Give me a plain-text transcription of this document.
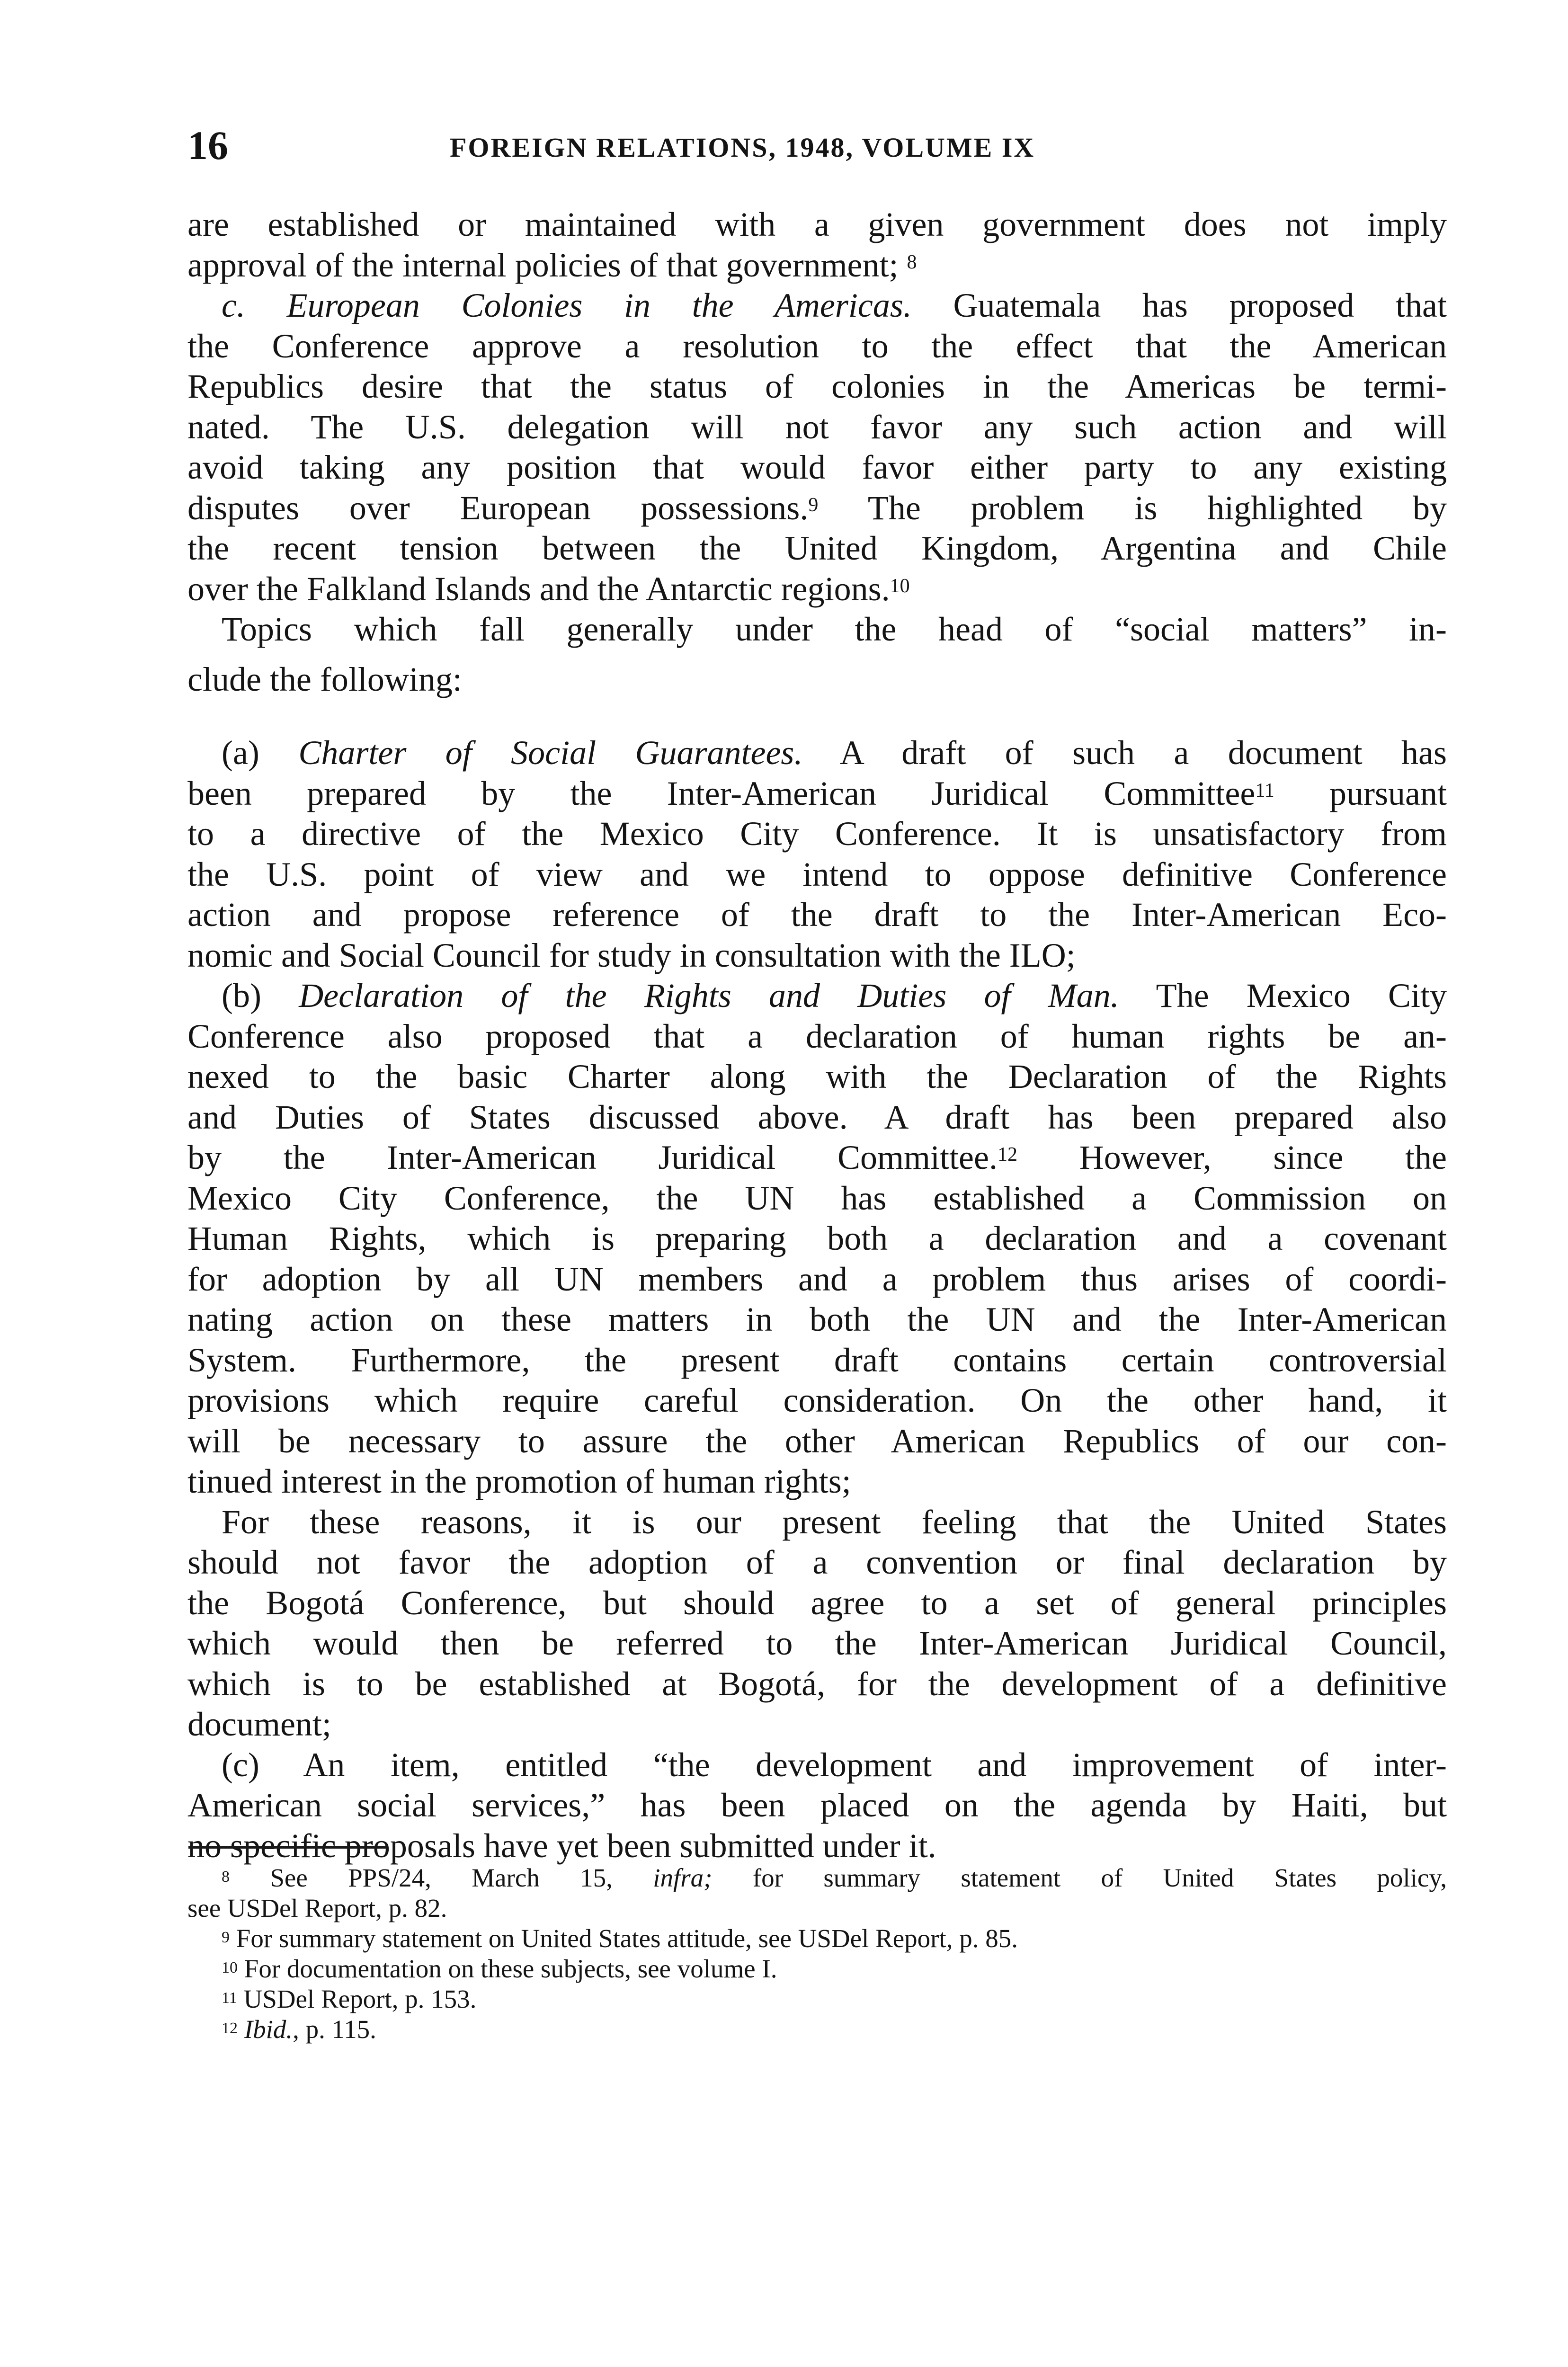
16	FOREIGN RELATIONS, 1948, VOLUME IX
are established or maintained with a given government does not imply
approval of the internal policies of that government; $^8$
c. European Colonies in the Americas. Guatemala has proposed that
the Conference approve a resolution to the effect that the American
Republics desire that the status of colonies in the Americas be termi-
nated. The U.S. delegation will not favor any such action and will
avoid taking any position that would favor either party to any existing
disputes over European possessions.$^9$ The problem is highlighted by
the recent tension between the United Kingdom, Argentina and Chile
over the Falkland Islands and the Antarctic regions.$^{10}$
Topics which fall generally under the head of “social matters” in-
clude the following:
(a) Charter of Social Guarantees. A draft of such a document has
been prepared by the Inter-American Juridical Committee$^{11}$ pursuant
to a directive of the Mexico City Conference. It is unsatisfactory from
the U.S. point of view and we intend to oppose definitive Conference
action and propose reference of the draft to the Inter-American Eco-
nomic and Social Council for study in consultation with the ILO;
(b) Declaration of the Rights and Duties of Man. The Mexico City
Conference also proposed that a declaration of human rights be an-
nexed to the basic Charter along with the Declaration of the Rights
and Duties of States discussed above. A draft has been prepared also
by the Inter-American Juridical Committee.$^{12}$ However, since the
Mexico City Conference, the UN has established a Commission on
Human Rights, which is preparing both a declaration and a covenant
for adoption by all UN members and a problem thus arises of coordi-
nating action on these matters in both the UN and the Inter-American
System. Furthermore, the present draft contains certain controversial
provisions which require careful consideration. On the other hand, it
will be necessary to assure the other American Republics of our con-
tinued interest in the promotion of human rights;
For these reasons, it is our present feeling that the United States
should not favor the adoption of a convention or final declaration by
the Bogotá Conference, but should agree to a set of general principles
which would then be referred to the Inter-American Juridical Council,
which is to be established at Bogotá, for the development of a definitive
document;
(c) An item, entitled “the development and improvement of inter-
American social services,” has been placed on the agenda by Haiti, but
no specific proposals have yet been submitted under it.
$^8$ See PPS/24, March 15, infra; for summary statement of United States policy,
see USDel Report, p. 82.
$^9$ For summary statement on United States attitude, see USDel Report, p. 85.
$^{10}$ For documentation on these subjects, see volume I.
$^{11}$ USDel Report, p. 153.
$^{12}$ Ibid., p. 115.
